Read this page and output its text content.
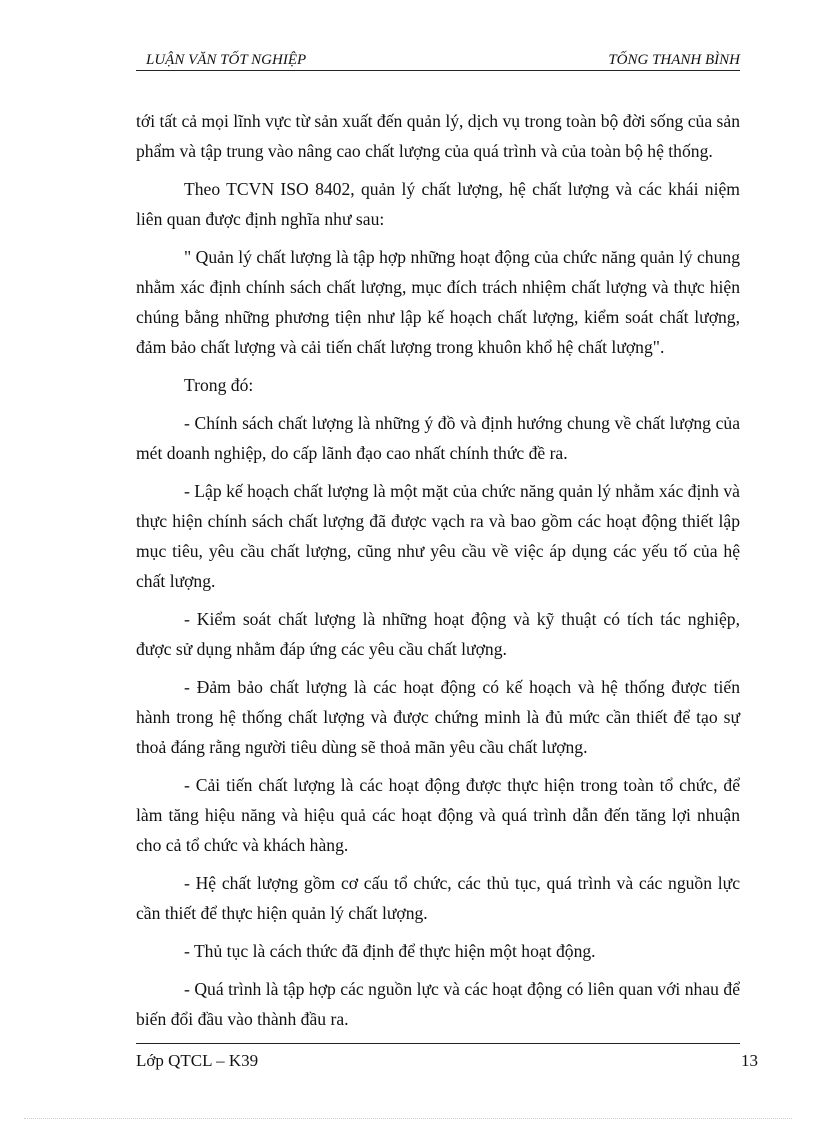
LUẬN VĂN TỐT NGHIỆP	TỐNG THANH BÌNH

tới tất cả mọi lĩnh vực từ sản xuất đến quản lý, dịch vụ trong toàn bộ đời sống của sản phẩm và tập trung vào nâng cao chất lượng của quá trình và của toàn bộ hệ thống.

Theo TCVN ISO 8402, quản lý chất lượng, hệ chất lượng và các khái niệm liên quan được định nghĩa như sau:

" Quản lý chất lượng là tập hợp những hoạt động của chức năng quản lý chung nhằm xác định chính sách chất lượng, mục đích trách nhiệm chất lượng và thực hiện chúng bằng những phương tiện như lập kế hoạch chất lượng, kiểm soát chất lượng, đảm bảo chất lượng và cải tiến chất lượng trong khuôn khổ hệ chất lượng".

Trong đó:

- Chính sách chất lượng là những ý đồ và định hướng chung về chất lượng của mét doanh nghiệp, do cấp lãnh đạo cao nhất chính thức đề ra.

- Lập kế hoạch chất lượng là một mặt của chức năng quản lý nhằm xác định và thực hiện chính sách chất lượng đã được vạch ra và bao gồm các hoạt động thiết lập mục tiêu, yêu cầu chất lượng, cũng như yêu cầu về việc áp dụng các yếu tố của hệ chất lượng.

- Kiểm soát chất lượng là những hoạt động và kỹ thuật có tích tác nghiệp, được sử dụng nhằm đáp ứng các yêu cầu chất lượng.

- Đảm bảo chất lượng là các hoạt động có kế hoạch và hệ thống được tiến hành trong hệ thống chất lượng và được chứng minh là đủ mức cần thiết để tạo sự thoả đáng rằng người tiêu dùng sẽ thoả mãn yêu cầu chất lượng.

- Cải tiến chất lượng là các hoạt động được thực hiện trong toàn tổ chức, để làm tăng hiệu năng và hiệu quả các hoạt động và quá trình dẫn đến tăng lợi nhuận cho cả tổ chức và khách hàng.

- Hệ chất lượng gồm cơ cấu tổ chức, các thủ tục, quá trình và các nguồn lực cần thiết để thực hiện quản lý chất lượng.

- Thủ tục là cách thức đã định để thực hiện một hoạt động.

- Quá trình là tập hợp các nguồn lực và các hoạt động có liên quan với nhau để biến đổi đầu vào thành đầu ra.

Lớp QTCL – K39	13
